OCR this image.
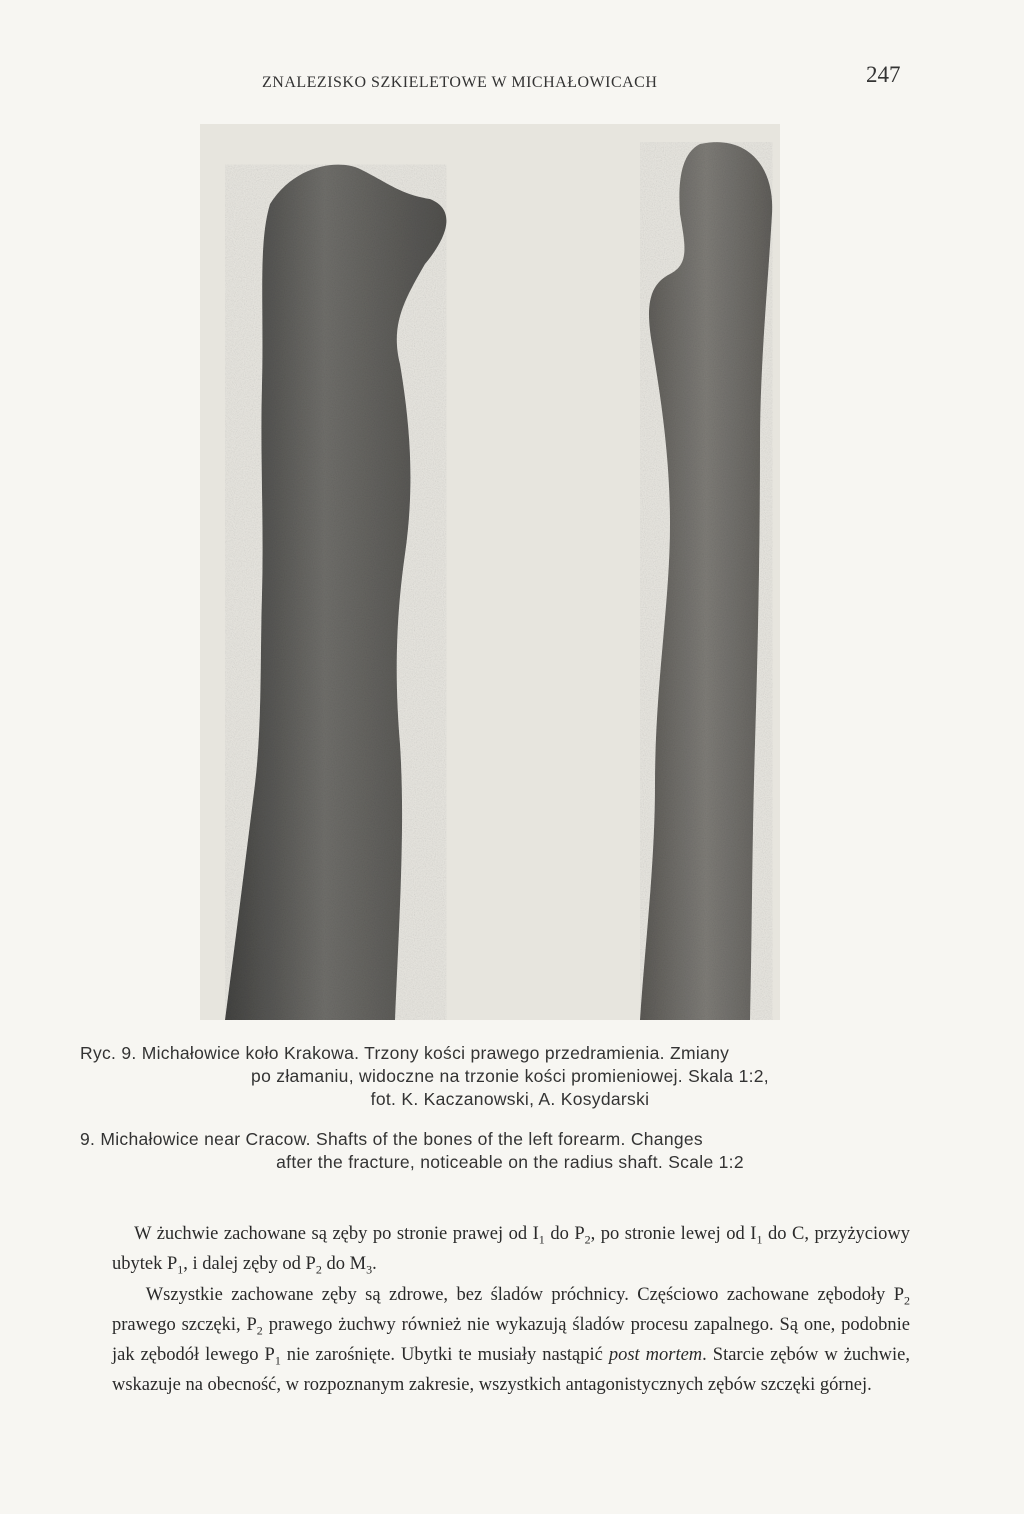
ZNALEZISKO SZKIELETOWE W MICHAŁOWICACH	247
Ryc. 9. Michałowice koło Krakowa. Trzony kości prawego przedramienia. Zmiany
po złamaniu, widoczne na trzonie kości promieniowej. Skala 1:2,
fot. K. Kaczanowski, A. Kosydarski
9. Michałowice near Cracow. Shafts of the bones of the left forearm. Changes
after the fracture, noticeable on the radius shaft. Scale 1:2

W żuchwie zachowane są zęby po stronie prawej od $I_1$ do $P_2$, po stronie lewej od $I_1$ do C, przyżyciowy ubytek $P_1$, i dalej zęby od $P_2$ do $M_3$.

Wszystkie zachowane zęby są zdrowe, bez śladów próchnicy. Częściowo zachowane zębodoły $P_2$ prawego szczęki, $P_2$ prawego żuchwy również nie wykazują śladów procesu zapalnego. Są one, podobnie jak zębodół lewego $P_1$ nie zarośnięte. Ubytki te musiały nastąpić post mortem. Starcie zębów w żuchwie, wskazuje na obecność, w rozpoznanym zakresie, wszystkich antagonistycznych zębów szczęki górnej.
